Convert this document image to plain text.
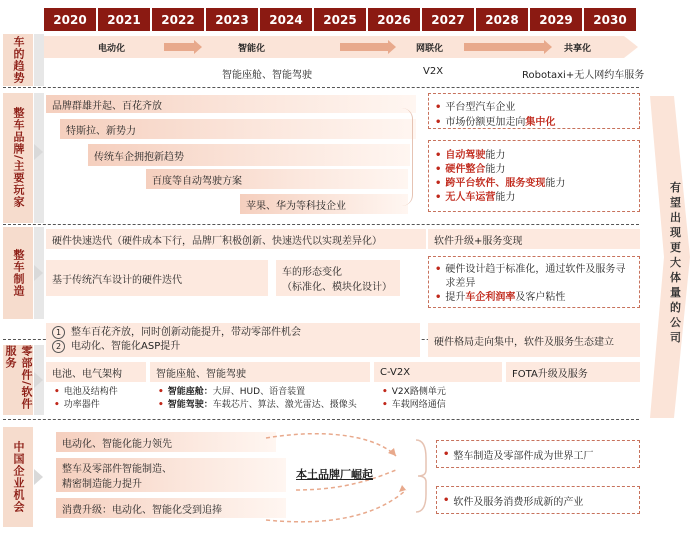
2020	2021	2022	2023	2024	2025	2026	2027	2028	2029	2030
车的趋势
整车品牌/主要玩家
整车制造
零部件/软件服务
中国企业机会
电动化	智能化	网联化	共享化
智能座舱、智能驾驶	V2X	Robotaxi+无人网约车服务
品牌群雄并起、百花齐放
特斯拉、新势力
传统车企拥抱新趋势
百度等自动驾驶方案
苹果、华为等科技企业
• 平台型汽车企业
• 市场份额更加走向集中化
• 自动驾驶能力
• 硬件整合能力
• 跨平台软件、服务变现能力
• 无人车运营能力
硬件快速迭代（硬件成本下行，品牌厂积极创新、快速迭代以实现差异化）
基于传统汽车设计的硬件迭代
车的形态变化
（标准化、模块化设计）
软件升级+服务变现
• 硬件设计趋于标准化，通过软件及服务寻求差异
• 提升车企利润率及客户粘性
1 整车百花齐放，同时创新动能提升，带动零部件机会
2 电动化、智能化ASP提升	硬件格局走向集中，软件及服务生态建立
电池、电气架构	智能座舱、智能驾驶	C-V2X	FOTA升级及服务
• 电池及结构件
• 功率器件
• 智能座舱：大屏、HUD、语音装置
• 智能驾驶：车载芯片、算法、激光雷达、摄像头
• V2X路侧单元
• 车载网络通信
电动化、智能化能力领先
整车及零部件智能制造、
精密制造能力提升
消费升级：电动化、智能化受到追捧
本土品牌厂崛起
• 整车制造及零部件成为世界工厂
• 软件及服务消费形成新的产业
有望出现更大体量的公司
